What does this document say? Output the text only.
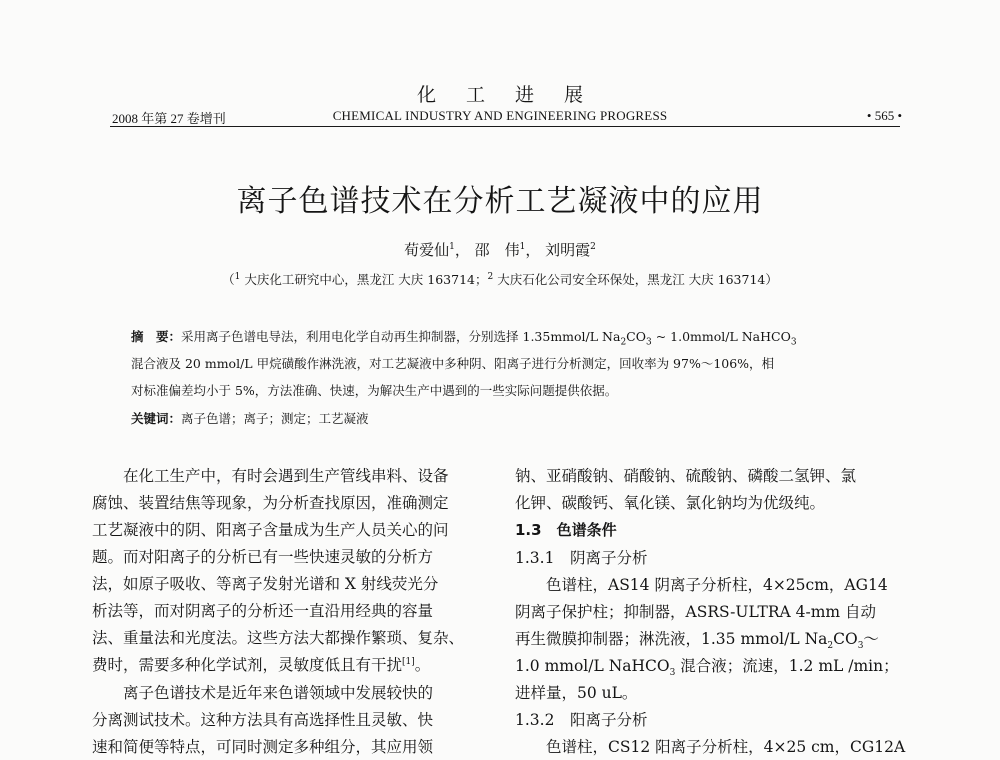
化工进展
2008 年第 27 卷增刊	CHEMICAL INDUSTRY AND ENGINEERING PROGRESS	• 565 •
离子色谱技术在分析工艺凝液中的应用
荀爱仙$^1$， 邵　伟$^1$， 刘明霞$^2$
（$^1$ 大庆化工研究中心，黑龙江 大庆 163714；$^2$ 大庆石化公司安全环保处，黑龙江 大庆 163714）
摘　要：采用离子色谱电导法，利用电化学自动再生抑制器，分别选择 1.35mmol/L $Na_2CO_3$ ~ 1.0mmol/L NaHCO$_3$
混合液及 20 mmol/L 甲烷磺酸作淋洗液，对工艺凝液中多种阴、阳离子进行分析测定，回收率为 97%～106%，相
对标准偏差均小于 5%，方法准确、快速，为解决生产中遇到的一些实际问题提供依据。
关键词：离子色谱；离子；测定；工艺凝液
　　在化工生产中，有时会遇到生产管线串料、设备
腐蚀、装置结焦等现象，为分析查找原因，准确测定
工艺凝液中的阴、阳离子含量成为生产人员关心的问
题。而对阳离子的分析已有一些快速灵敏的分析方
法，如原子吸收、等离子发射光谱和 X 射线荧光分
析法等，而对阴离子的分析还一直沿用经典的容量
法、重量法和光度法。这些方法大都操作繁琐、复杂、
费时，需要多种化学试剂，灵敏度低且有干扰[1]。
　　离子色谱技术是近年来色谱领域中发展较快的
分离测试技术。这种方法具有高选择性且灵敏、快
速和简便等特点，可同时测定多种组分，其应用领
钠、亚硝酸钠、硝酸钠、硫酸钠、磷酸二氢钾、氯
化钾、碳酸钙、氧化镁、氯化钠均为优级纯。
1.3　色谱条件
1.3.1　阴离子分析
　　色谱柱，AS14 阴离子分析柱，4×25cm，AG14
阴离子保护柱；抑制器，ASRS-ULTRA 4-mm 自动
再生微膜抑制器；淋洗液，1.35 mmol/L $Na_2CO_3\sim$
1.0 mmol/L NaHCO$_3$ 混合液；流速，1.2 mL /min；
进样量，50 uL。
1.3.2　阳离子分析
　　色谱柱，CS12 阳离子分析柱，4×25 cm，CG12A
